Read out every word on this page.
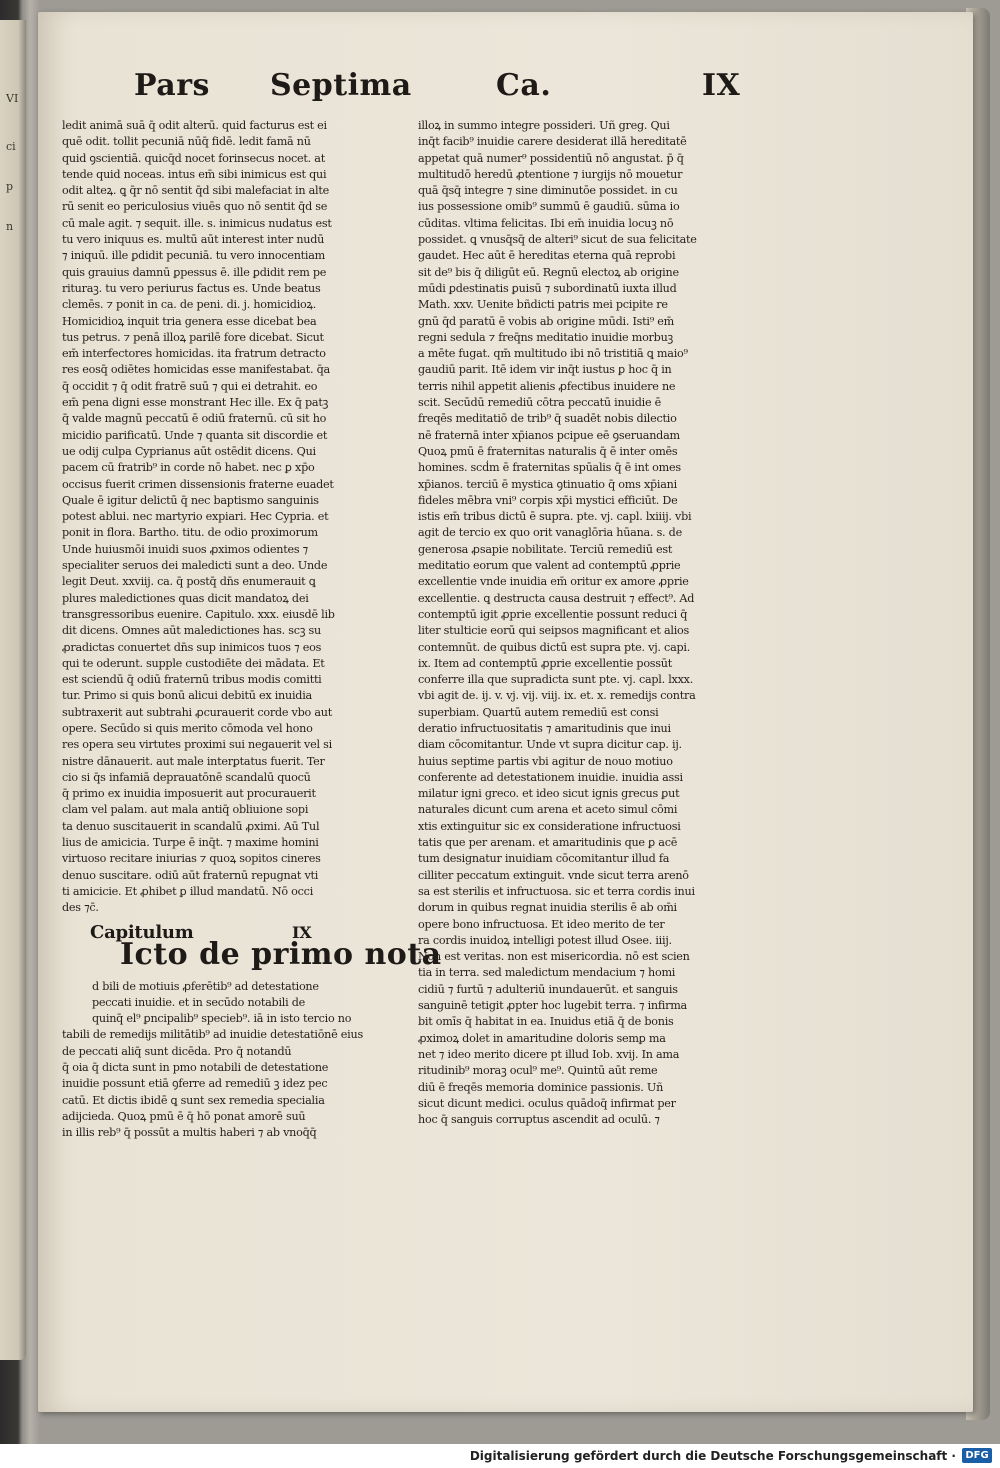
VI
ci
p
n
Pars Septima	Ca.	IX
ledit animā suā q̄ odit alterū. quid facturus est ei
quē odit. tollit pecuniā nūq̄ fidē. ledit famā nū
quid ꝯscientiā. quicq̄d nocet forinsecus nocet. at
tende quid noceas. intus em̄ sibi inimicus est qui
odit alteꝝ. ꝗ q̄r nō sentit q̄d sibi malefaciat in alte
rū senit eo periculosius viuēs quo nō sentit q̄d se
cū male agit. ⁊ sequit. ille. s. inimicus nudatus est
tu vero iniquus es. multū aūt interest inter nudū
⁊ iniquū. ille ꝑdidit pecuniā. tu vero innocentiam
quis grauius damnū ꝑpessus ē. ille ꝑdidit rem pe
rituraꝫ. tu vero periurus factus es. Unde beatus
clemēs. ⁊ ponit in ca. de peni. di. j. homicidioꝝ.
Homicidioꝝ inquit tria genera esse dicebat bea
tus petrus. ⁊ penā illoꝝ parilē fore dicebat. Sicut
em̄ interfectores homicidas. ita fratrum detracto
res eosq̄ odiētes homicidas esse manifestabat. q̄a
q̄ occidit ⁊ q̄ odit fratrē suū ⁊ qui ei detrahit. eo
em̄ pena digni esse monstrant Hec ille. Ex q̄ patꝫ
q̄ valde magnū peccatū ē odiū fraternū. cū sit ho
micidio parificatū. Unde ⁊ quanta sit discordie et
ue odij culpa Cyprianus aūt ostēdit dicens. Qui
pacem cū fratrib⁹ in corde nō habet. nec ꝑ xp̄o
occisus fuerit crimen dissensionis fraterne euadet
Quale ē igitur delictū q̄ nec baptismo sanguinis
potest ablui. nec martyrio expiari. Hec Cypria. et
ponit in flora. Bartho. titu. de odio proximorum
Unde huiusmōi inuidi suos ꝓximos odientes ⁊
specialiter seruos dei maledicti sunt a deo. Unde
legit Deut. xxviij. ca. q̄ postq̄ dn̄s enumerauit ꝗ
plures maledictiones quas dicit mandatoꝝ dei
transgressoribus euenire. Capitulo. xxx. eiusdē lib
dit dicens. Omnes aūt maledictiones has. scꝫ su
ꝓradictas conuertet dn̄s sup inimicos tuos ⁊ eos
qui te oderunt. supple custodiēte dei mādata. Et
est sciendū q̄ odiū fraternū tribus modis comitti
tur. Primo si quis bonū alicui debitū ex inuidia
subtraxerit aut subtrahi ꝓcurauerit corde vbo aut
opere. Secūdo si quis merito cōmoda vel hono
res opera seu virtutes proximi sui negauerit vel si
nistre dānauerit. aut male interꝑtatus fuerit. Ter
cio si q̄s infamiā deprauatōnē scandalū quocū
q̄ primo ex inuidia imposuerit aut procurauerit
clam vel palam. aut mala antiq̄ obliuione sopi
ta denuo suscitauerit in scandalū ꝓximi. Aū Tul
lius de amicicia. Turpe ē inq̄t. ⁊ maxime homini
virtuoso recitare iniurias ⁊ quoꝝ sopitos cineres
denuo suscitare. odiū aūt fraternū repugnat vti
ti amicicie. Et ꝓhibet ꝑ illud mandatū. Nō occi
des ⁊c̄.
Capitulum	IX
Icto de primo nota
d bili de motiuis ꝓferētib⁹ ad detestatione
peccati inuidie. et in secūdo notabili de
quinq̄ el⁹ ꝑncipalib⁹ specieb⁹. iā in isto tercio no
tabili de remedijs militātib⁹ ad inuidie detestatiōnē eius
de peccati aliq̄ sunt dicēda. Pro q̄ notandū
q̄ oia q̄ dicta sunt in pmo notabili de detestatione
inuidie possunt etiā ꝯferre ad remediū ꝫ idez pec
catū. Et dictis ibidē ꝗ sunt sex remedia specialia
adijcieda. Quoꝝ pmū ē q̄ hō ponat amorē suū
in illis reb⁹ q̄ possūt a multis haberi ⁊ ab vnoq̄q̄
illoꝝ in summo integre possideri. Uñ greg. Qui
inq̄t facib⁹ inuidie carere desiderat illā hereditatē
appetat quā numer⁹ possidentiū nō angustat. p̄ q̄
multitudō heredū ꝓtentione ⁊ iurgijs nō mouetur
quā q̄sq̄ integre ⁊ sine diminutōe possidet. in cu
ius possessione omib⁹ summū ē gaudiū. sūma io
cūditas. vltima felicitas. Ibi em̄ inuidia locuꝫ nō
possidet. ꝗ vnusq̄sq̄ de alteri⁹ sicut de sua felicitate
gaudet. Hec aūt ē hereditas eterna quā reprobi
sit de⁹ bis q̄ diligūt eū. Regnū electoꝝ ab origine
mūdi ꝑdestinatis ꝑuisū ⁊ subordinatū iuxta illud
Math. xxv. Uenite bñdicti patris mei pcipite re
gnū q̄d paratū ē vobis ab origine mūdi. Isti⁹ em̄
regni sedula ⁊ freq̄ns meditatio inuidie morbuꝫ
a mēte fugat. qm̄ multitudo ibi nō tristitiā ꝗ maio⁹
gaudiū parit. Itē idem vir inq̄t iustus ꝑ hoc q̄ in
terris nihil appetit alienis ꝓfectibus inuidere ne
scit. Secūdū remediū cōtra peccatū inuidie ē
freqēs meditatiō de trib⁹ q̄ suadēt nobis dilectio
nē fraternā inter xp̄ianos pcipue eē ꝯseruandam
Quoꝝ pmū ē fraternitas naturalis q̄ ē inter omēs
homines. scḋm ē fraternitas spūalis q̄ ē int omes
xp̄ianos. terciū ē mystica ꝯtinuatio q̄ oms xp̄iani
fideles mēbra vni⁹ corpis xp̄i mystici efficiūt. De
istis em̄ tribus dictū ē supra. pte. vj. capl. lxiiij. vbi
agit de tercio ex quo orit vanaglōria hūana. s. de
generosa ꝓsapie nobilitate. Terciū remediū est
meditatio eorum que valent ad contemptū ꝓprie
excellentie vnde inuidia em̄ oritur ex amore ꝓprie
excellentie. ꝗ destructa causa destruit ⁊ effect⁹. Ad
contemptū igit ꝓprie excellentie possunt reduci q̄
liter stulticie eorū qui seipsos magnificant et alios
contemnūt. de quibus dictū est supra pte. vj. capi.
ix. Item ad contemptū ꝓprie excellentie possūt
conferre illa que supradicta sunt pte. vj. capl. lxxx.
vbi agit de. ij. v. vj. vij. viij. ix. et. x. remedijs contra
superbiam. Quartū autem remediū est consi
deratio infructuositatis ⁊ amaritudinis que inui
diam cōcomitantur. Unde vt supra dicitur cap. ij.
huius septime partis vbi agitur de nouo motiuo
conferente ad detestationem inuidie. inuidia assi
milatur igni greco. et ideo sicut ignis grecus ꝑut
naturales dicunt cum arena et aceto simul cōmi
xtis extinguitur sic ex consideratione infructuosi
tatis que per arenam. et amaritudinis que ꝑ acē
tum designatur inuidiam cōcomitantur illud fa
cilliter peccatum extinguit. vnde sicut terra arenō
sa est sterilis et infructuosa. sic et terra cordis inui
dorum in quibus regnat inuidia sterilis ē ab om̄i
opere bono infructuosa. Et ideo merito de ter
ra cordis inuidoꝝ intelligi potest illud Osee. iiij.
Non est veritas. non est misericordia. nō est scien
tia in terra. sed maledictum mendacium ⁊ homi
cidiū ⁊ furtū ⁊ adulteriū inundauerūt. et sanguis
sanguinē tetigit ꝓpter hoc lugebit terra. ⁊ infirma
bit omīs q̄ habitat in ea. Inuidus etiā q̄ de bonis
ꝓximoꝝ dolet in amaritudine doloris semꝑ ma
net ⁊ ideo merito dicere pt illud Iob. xvij. In ama
ritudinib⁹ moraꝫ ocul⁹ me⁹. Quintū aūt reme
diū ē freqēs memoria dominice passionis. Uñ
sicut dicunt medici. oculus quādoq̄ infirmat per
hoc q̄ sanguis corruptus ascendit ad oculū. ⁊
Digitalisierung gefördert durch die Deutsche Forschungsgemeinschaft · DFG
